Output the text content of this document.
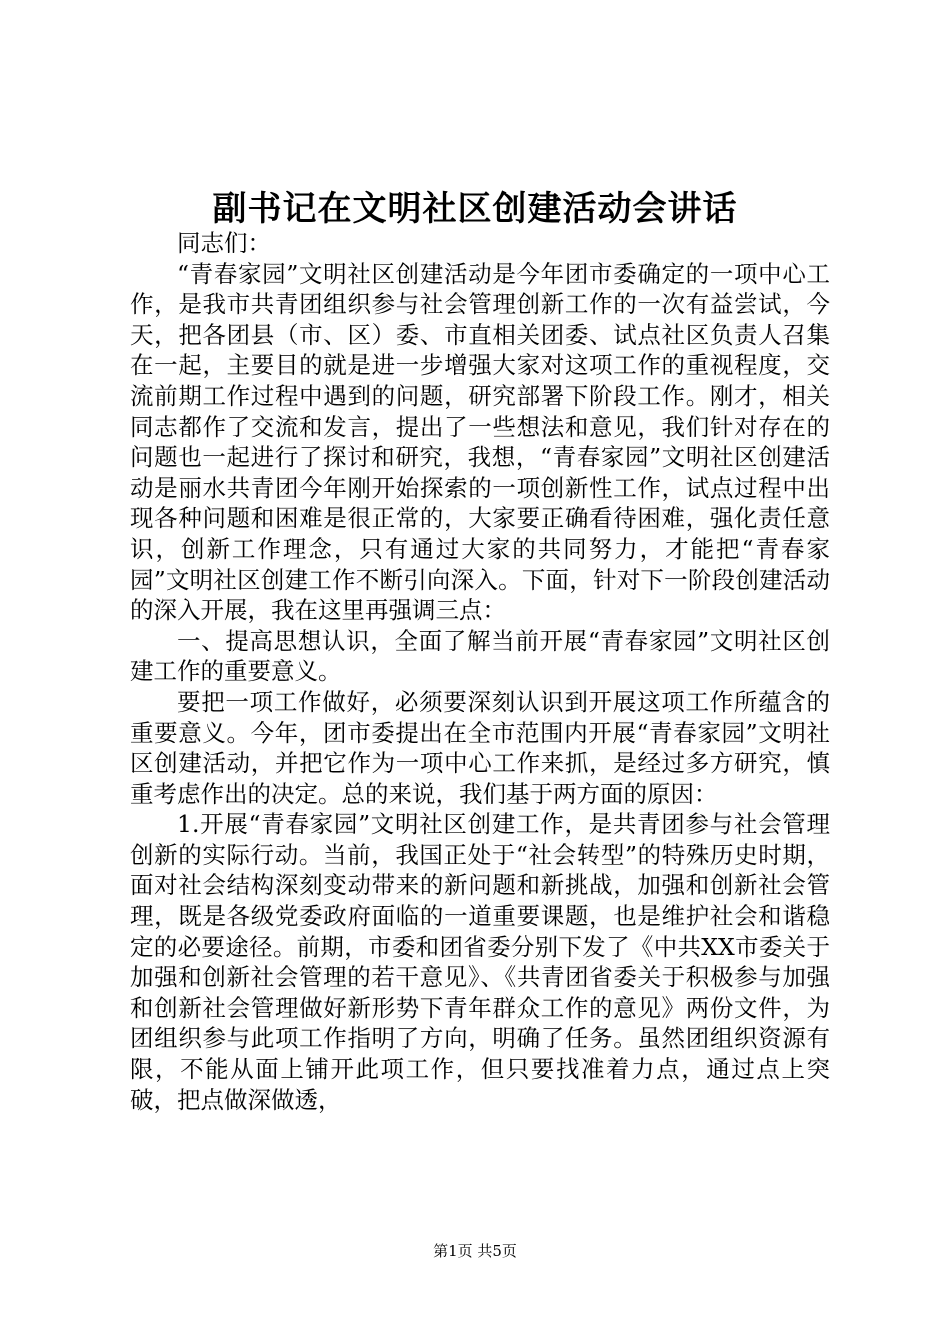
副书记在文明社区创建活动会讲话

同志们：

“青春家园”文明社区创建活动是今年团市委确定的一项中心工作，是我市共青团组织参与社会管理创新工作的一次有益尝试，今天，把各团县（市、区）委、市直相关团委、试点社区负责人召集在一起，主要目的就是进一步增强大家对这项工作的重视程度，交流前期工作过程中遇到的问题，研究部署下阶段工作。刚才，相关同志都作了交流和发言，提出了一些想法和意见，我们针对存在的问题也一起进行了探讨和研究，我想，“青春家园”文明社区创建活动是丽水共青团今年刚开始探索的一项创新性工作，试点过程中出现各种问题和困难是很正常的，大家要正确看待困难，强化责任意识，创新工作理念，只有通过大家的共同努力，才能把“青春家园”文明社区创建工作不断引向深入。下面，针对下一阶段创建活动的深入开展，我在这里再强调三点：

一、提高思想认识，全面了解当前开展“青春家园”文明社区创建工作的重要意义。

要把一项工作做好，必须要深刻认识到开展这项工作所蕴含的重要意义。今年，团市委提出在全市范围内开展“青春家园”文明社区创建活动，并把它作为一项中心工作来抓，是经过多方研究，慎重考虑作出的决定。总的来说，我们基于两方面的原因：

1.开展“青春家园”文明社区创建工作，是共青团参与社会管理创新的实际行动。当前，我国正处于“社会转型”的特殊历史时期，面对社会结构深刻变动带来的新问题和新挑战，加强和创新社会管理，既是各级党委政府面临的一道重要课题，也是维护社会和谐稳定的必要途径。前期，市委和团省委分别下发了《中共XX市委关于加强和创新社会管理的若干意见》、《共青团省委关于积极参与加强和创新社会管理做好新形势下青年群众工作的意见》两份文件，为团组织参与此项工作指明了方向，明确了任务。虽然团组织资源有限，不能从面上铺开此项工作，但只要找准着力点，通过点上突破，把点做深做透，

第1页 共5页
